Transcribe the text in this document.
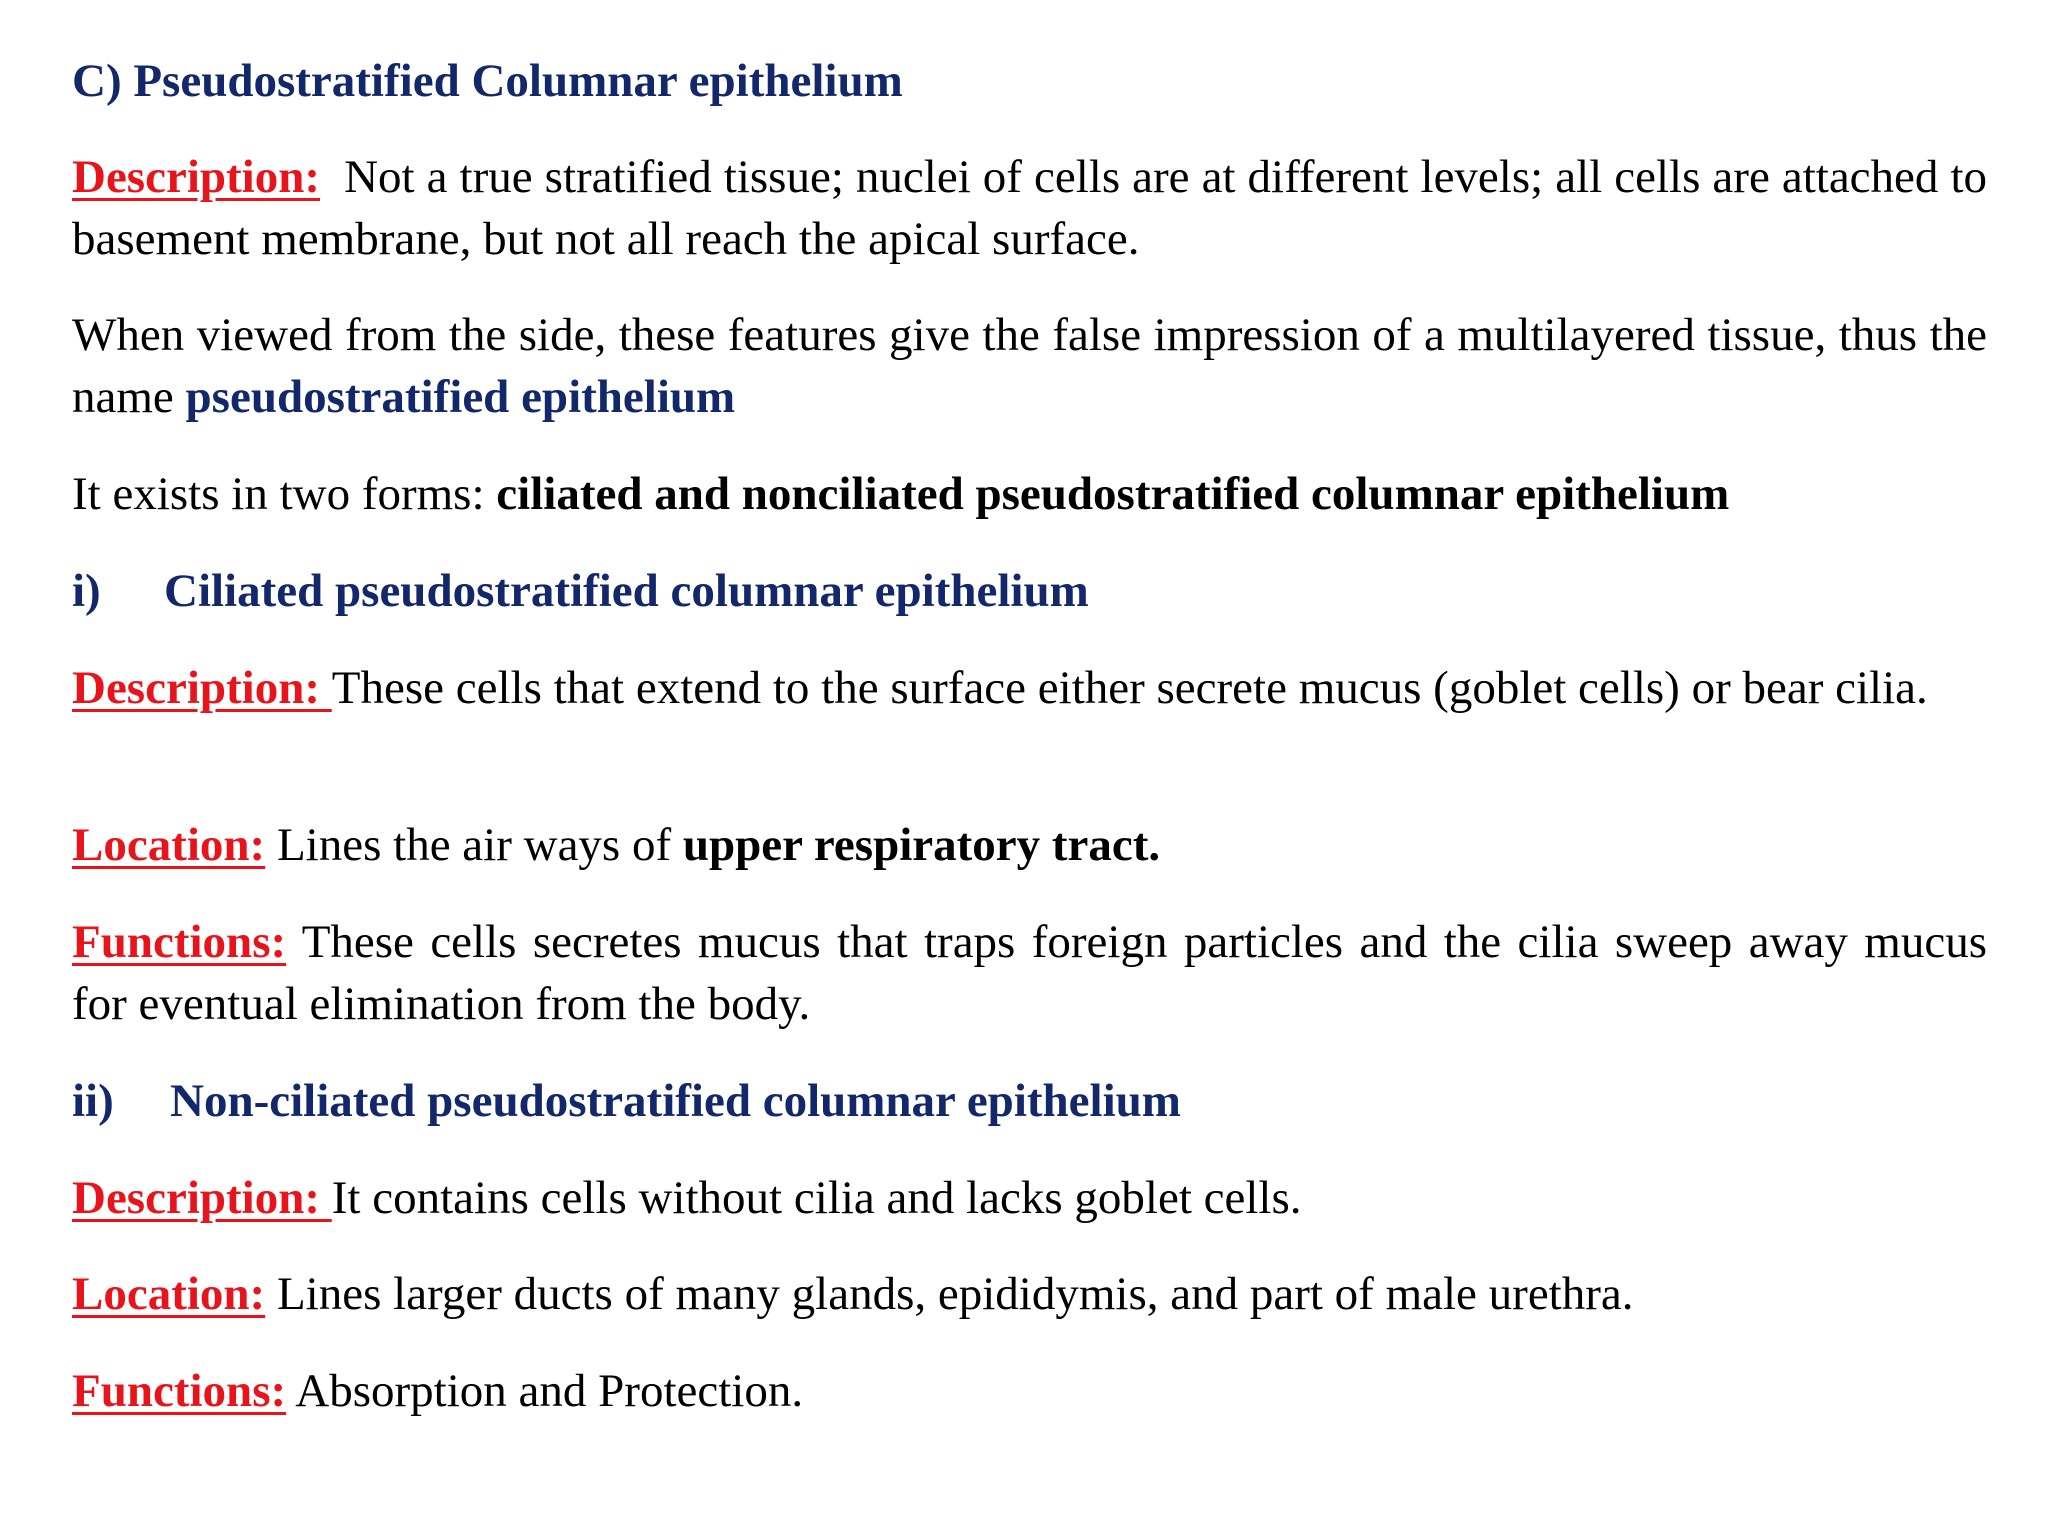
C) Pseudostratified Columnar epithelium

Description: Not a true stratified tissue; nuclei of cells are at different levels; all cells are attached to basement membrane, but not all reach the apical surface.

When viewed from the side, these features give the false impression of a multilayered tissue, thus the name pseudostratified epithelium

It exists in two forms: ciliated and nonciliated pseudostratified columnar epithelium

i) Ciliated pseudostratified columnar epithelium

Description: These cells that extend to the surface either secrete mucus (goblet cells) or bear cilia.

Location: Lines the air ways of upper respiratory tract.

Functions: These cells secretes mucus that traps foreign particles and the cilia sweep away mucus for eventual elimination from the body.

ii) Non-ciliated pseudostratified columnar epithelium

Description: It contains cells without cilia and lacks goblet cells.

Location: Lines larger ducts of many glands, epididymis, and part of male urethra.

Functions: Absorption and Protection.
